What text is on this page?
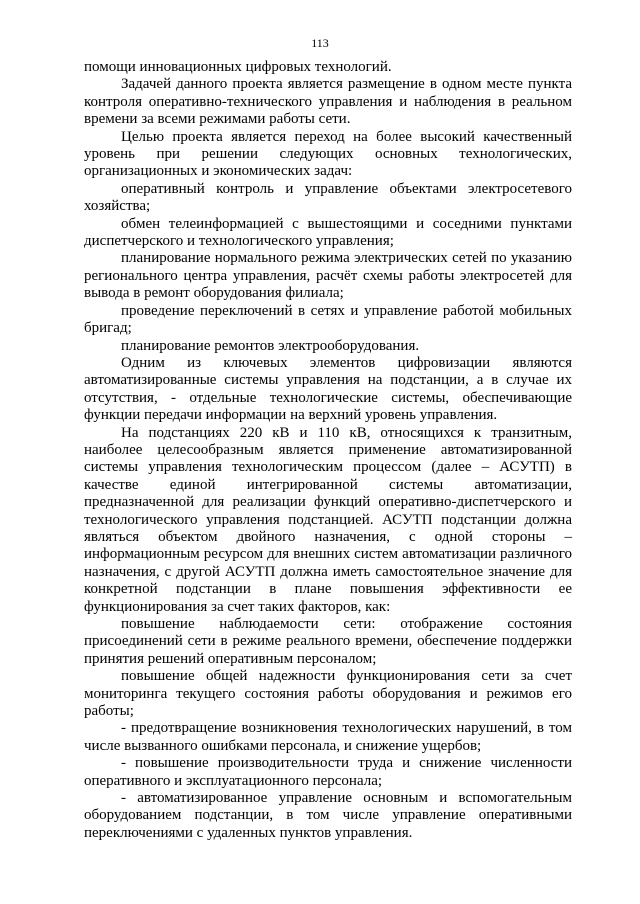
113

помощи инновационных цифровых технологий.

Задачей данного проекта является размещение в одном месте пункта контроля оперативно-технического управления и наблюдения в реальном времени за всеми режимами работы сети.

Целью проекта является переход на более высокий качественный уровень при решении следующих основных технологических, организационных и экономических задач:

оперативный контроль и управление объектами электросетевого хозяйства;

обмен телеинформацией с вышестоящими и соседними пунктами диспетчерского и технологического управления;

планирование нормального режима электрических сетей по указанию регионального центра управления, расчёт схемы работы электросетей для вывода в ремонт оборудования филиала;

проведение переключений в сетях и управление работой мобильных бригад;

планирование ремонтов электрооборудования.

Одним из ключевых элементов цифровизации являются автоматизированные системы управления на подстанции, а в случае их отсутствия, - отдельные технологические системы, обеспечивающие функции передачи информации на верхний уровень управления.

На подстанциях 220 кВ и 110 кВ, относящихся к транзитным, наиболее целесообразным является применение автоматизированной системы управления технологическим процессом (далее – АСУТП) в качестве единой интегрированной системы автоматизации, предназначенной для реализации функций оперативно-диспетчерского и технологического управления подстанцией. АСУТП подстанции должна являться объектом двойного назначения, с одной стороны – информационным ресурсом для внешних систем автоматизации различного назначения, с другой АСУТП должна иметь самостоятельное значение для конкретной подстанции в плане повышения эффективности ее функционирования за счет таких факторов, как:

повышение наблюдаемости сети: отображение состояния присоединений сети в режиме реального времени, обеспечение поддержки принятия решений оперативным персоналом;

повышение общей надежности функционирования сети за счет мониторинга текущего состояния работы оборудования и режимов его работы;

- предотвращение возникновения технологических нарушений, в том числе вызванного ошибками персонала, и снижение ущербов;

- повышение производительности труда и снижение численности оперативного и эксплуатационного персонала;

- автоматизированное управление основным и вспомогательным оборудованием подстанции, в том числе управление оперативными переключениями с удаленных пунктов управления.
